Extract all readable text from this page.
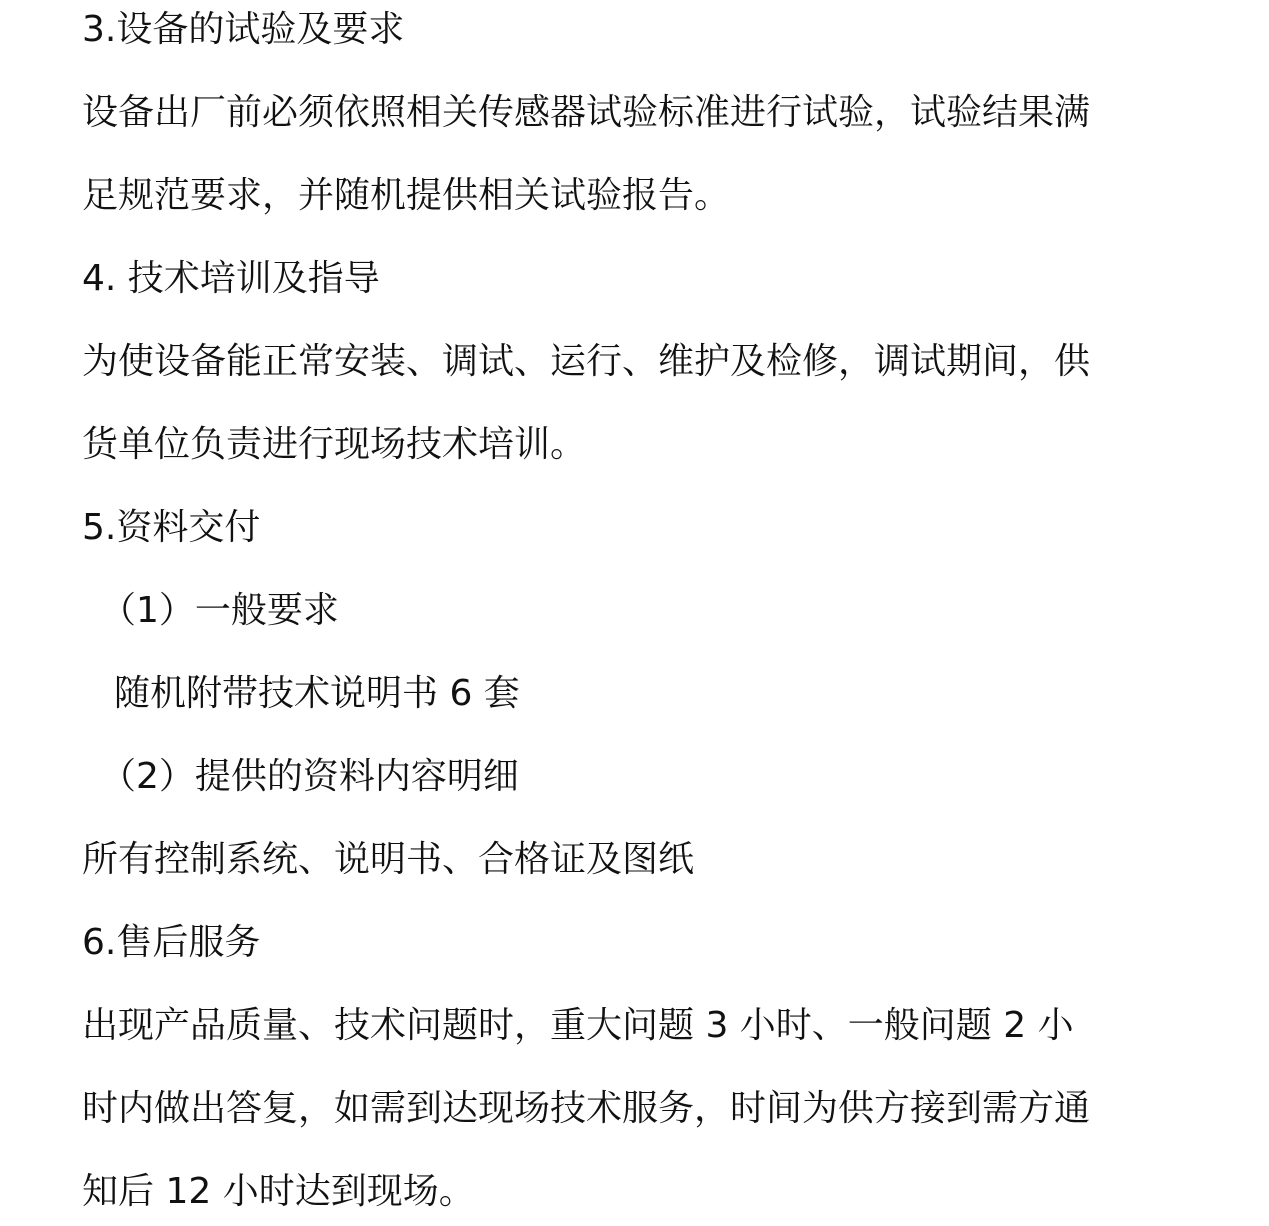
3.设备的试验及要求
设备出厂前必须依照相关传感器试验标准进行试验，试验结果满
足规范要求，并随机提供相关试验报告。
4. 技术培训及指导
为使设备能正常安装、调试、运行、维护及检修，调试期间，供
货单位负责进行现场技术培训。
5.资料交付
（1）一般要求
随机附带技术说明书 6 套
（2）提供的资料内容明细
所有控制系统、说明书、合格证及图纸
6.售后服务
出现产品质量、技术问题时，重大问题 3 小时、一般问题 2 小
时内做出答复，如需到达现场技术服务，时间为供方接到需方通
知后 12 小时达到现场。
